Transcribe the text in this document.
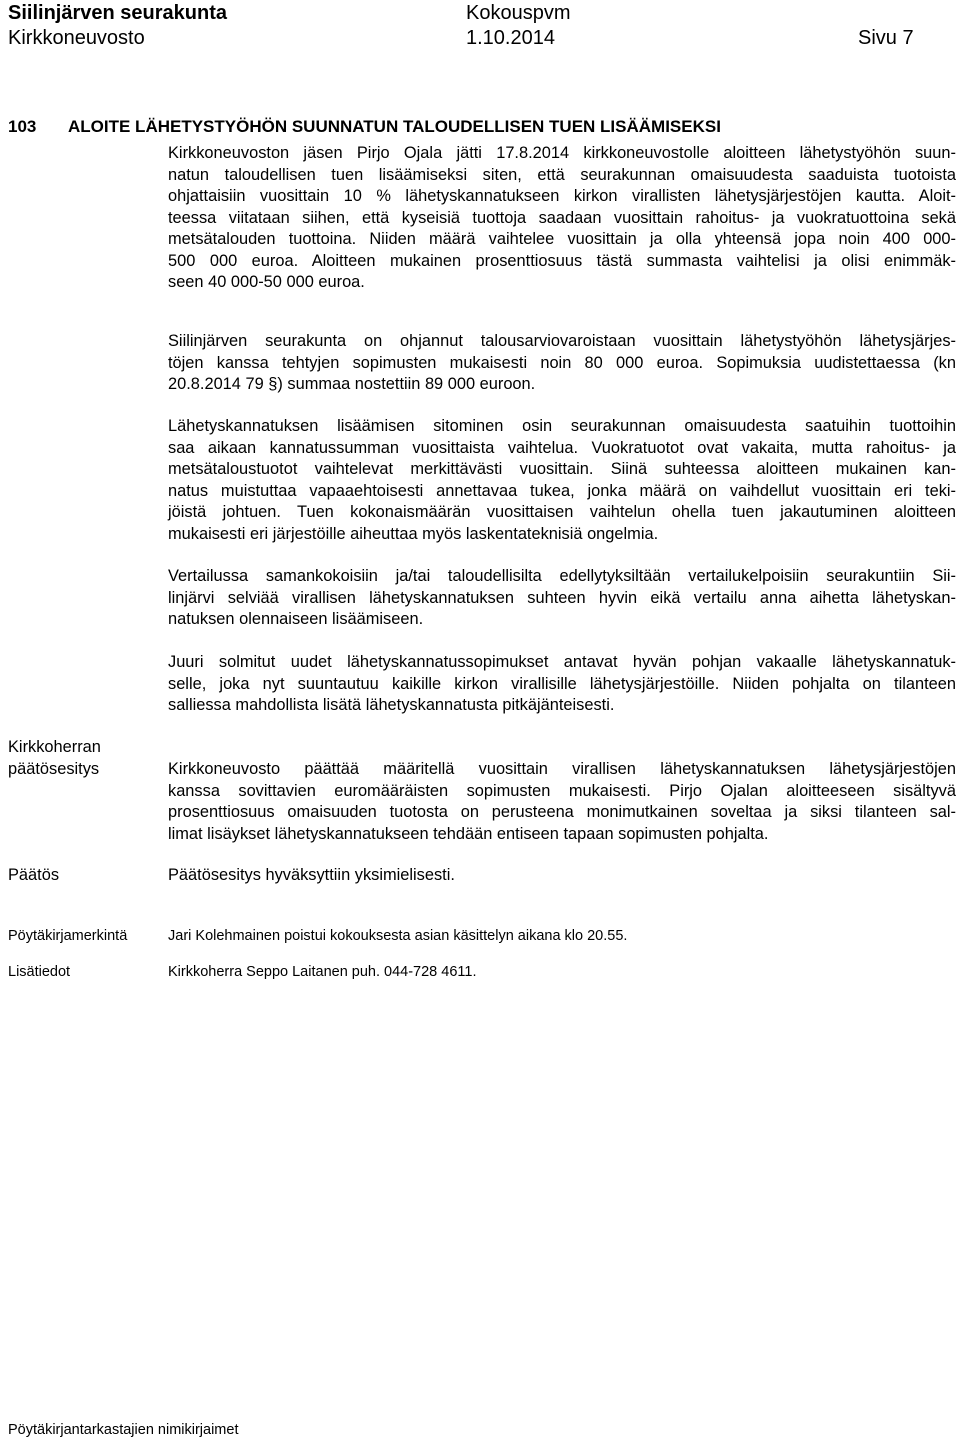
Siilinjärven seurakunta	Kokouspvm
Kirkkoneuvosto	1.10.2014	Sivu 7
103 ALOITE LÄHETYSTYÖHÖN SUUNNATUN TALOUDELLISEN TUEN LISÄÄMISEKSI
Kirkkoneuvoston jäsen Pirjo Ojala jätti 17.8.2014 kirkkoneuvostolle aloitteen lähetystyöhön suun-
natun taloudellisen tuen lisäämiseksi siten, että seurakunnan omaisuudesta saaduista tuotoista
ohjattaisiin vuosittain 10 % lähetyskannatukseen kirkon virallisten lähetysjärjestöjen kautta. Aloit-
teessa viitataan siihen, että kyseisiä tuottoja saadaan vuosittain rahoitus- ja vuokratuottoina sekä
metsätalouden tuottoina. Niiden määrä vaihtelee vuosittain ja olla yhteensä jopa noin 400 000-
500 000 euroa. Aloitteen mukainen prosenttiosuus tästä summasta vaihtelisi ja olisi enimmäk-
seen 40 000-50 000 euroa.
Siilinjärven seurakunta on ohjannut talousarviovaroistaan vuosittain lähetystyöhön lähetysjärjes-
töjen kanssa tehtyjen sopimusten mukaisesti noin 80 000 euroa. Sopimuksia uudistettaessa (kn
20.8.2014 79 §) summaa nostettiin 89 000 euroon.
Lähetyskannatuksen lisäämisen sitominen osin seurakunnan omaisuudesta saatuihin tuottoihin
saa aikaan kannatussumman vuosittaista vaihtelua. Vuokratuotot ovat vakaita, mutta rahoitus- ja
metsätaloustuotot vaihtelevat merkittävästi vuosittain. Siinä suhteessa aloitteen mukainen kan-
natus muistuttaa vapaaehtoisesti annettavaa tukea, jonka määrä on vaihdellut vuosittain eri teki-
jöistä johtuen. Tuen kokonaismäärän vuosittaisen vaihtelun ohella tuen jakautuminen aloitteen
mukaisesti eri järjestöille aiheuttaa myös laskentateknisiä ongelmia.
Vertailussa samankokoisiin ja/tai taloudellisilta edellytyksiltään vertailukelpoisiin seurakuntiin Sii-
linjärvi selviää virallisen lähetyskannatuksen suhteen hyvin eikä vertailu anna aihetta lähetyskan-
natuksen olennaiseen lisäämiseen.
Juuri solmitut uudet lähetyskannatussopimukset antavat hyvän pohjan vakaalle lähetyskannatuk-
selle, joka nyt suuntautuu kaikille kirkon virallisille lähetysjärjestöille. Niiden pohjalta on tilanteen
salliessa mahdollista lisätä lähetyskannatusta pitkäjänteisesti.
Kirkkoherran
päätösesitys	Kirkkoneuvosto päättää määritellä vuosittain virallisen lähetyskannatuksen lähetysjärjestöjen
kanssa sovittavien euromääräisten sopimusten mukaisesti. Pirjo Ojalan aloitteeseen sisältyvä
prosenttiosuus omaisuuden tuotosta on perusteena monimutkainen soveltaa ja siksi tilanteen sal-
limat lisäykset lähetyskannatukseen tehdään entiseen tapaan sopimusten pohjalta.
Päätös	Päätösesitys hyväksyttiin yksimielisesti.
Pöytäkirjamerkintä	Jari Kolehmainen poistui kokouksesta asian käsittelyn aikana klo 20.55.
Lisätiedot	Kirkkoherra Seppo Laitanen puh. 044-728 4611.
Pöytäkirjantarkastajien nimikirjaimet
